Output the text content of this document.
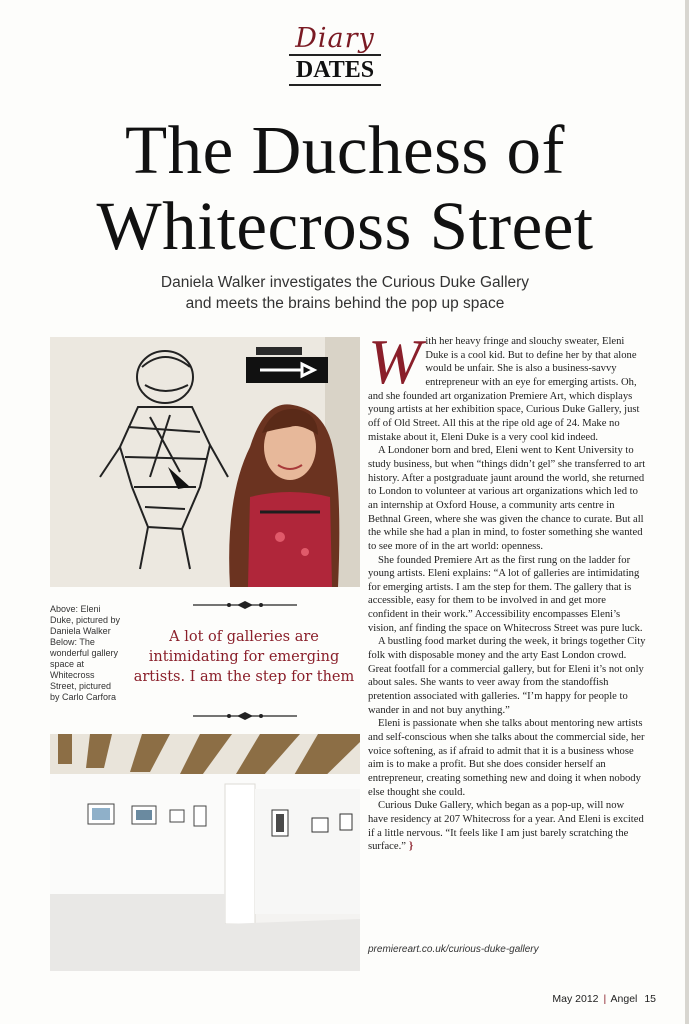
Diary
DATES
The Duchess of
Whitecross Street
Daniela Walker investigates the Curious Duke Gallery
and meets the brains behind the pop up space
Above: Eleni Duke, pictured by Daniela Walker Below: The wonderful gallery space at Whitecross Street, pictured by Carlo Carfora
A lot of galleries are intimidating for emerging artists. I am the step for them

With her heavy fringe and slouchy sweater, Eleni Duke is a cool kid. But to define her by that alone would be unfair. She is also a business-savvy entrepreneur with an eye for emerging artists. Oh, and she founded art organization Premiere Art, which displays young artists at her exhibition space, Curious Duke Gallery, just off of Old Street. All this at the ripe old age of 24. Make no mistake about it, Eleni Duke is a very cool kid indeed.

A Londoner born and bred, Eleni went to Kent University to study business, but when “things didn’t gel” she transferred to art history. After a postgraduate jaunt around the world, she returned to London to volunteer at various art organizations which led to an internship at Oxford House, a community arts centre in Bethnal Green, where she was given the chance to curate. But all the while she had a plan in mind, to foster something she wanted to see more of in the art world: openness.

She founded Premiere Art as the first rung on the ladder for young artists. Eleni explains: “A lot of galleries are intimidating for emerging artists. I am the step for them. The gallery that is accessible, easy for them to be involved in and get more confident in their work.” Accessibility encompasses Eleni’s vision, anf finding the space on Whitecross Street was pure luck.

A bustling food market during the week, it brings together City folk with disposable money and the arty East London crowd. Great footfall for a commercial gallery, but for Eleni it’s not only about sales. She wants to veer away from the standoffish pretention associated with galleries. “I’m happy for people to wander in and not buy anything.”

Eleni is passionate when she talks about mentoring new artists and self-conscious when she talks about the commercial side, her voice softening, as if afraid to admit that it is a business whose aim is to make a profit. But she does consider herself an entrepreneur, creating something new and doing it when nobody else thought she could.

Curious Duke Gallery, which began as a pop-up, will now have residency at 207 Whitecross for a year. And Eleni is excited if a little nervous. “It feels like I am just barely scratching the surface.” }

premiereart.co.uk/curious-duke-gallery
May 2012 | Angel 15
